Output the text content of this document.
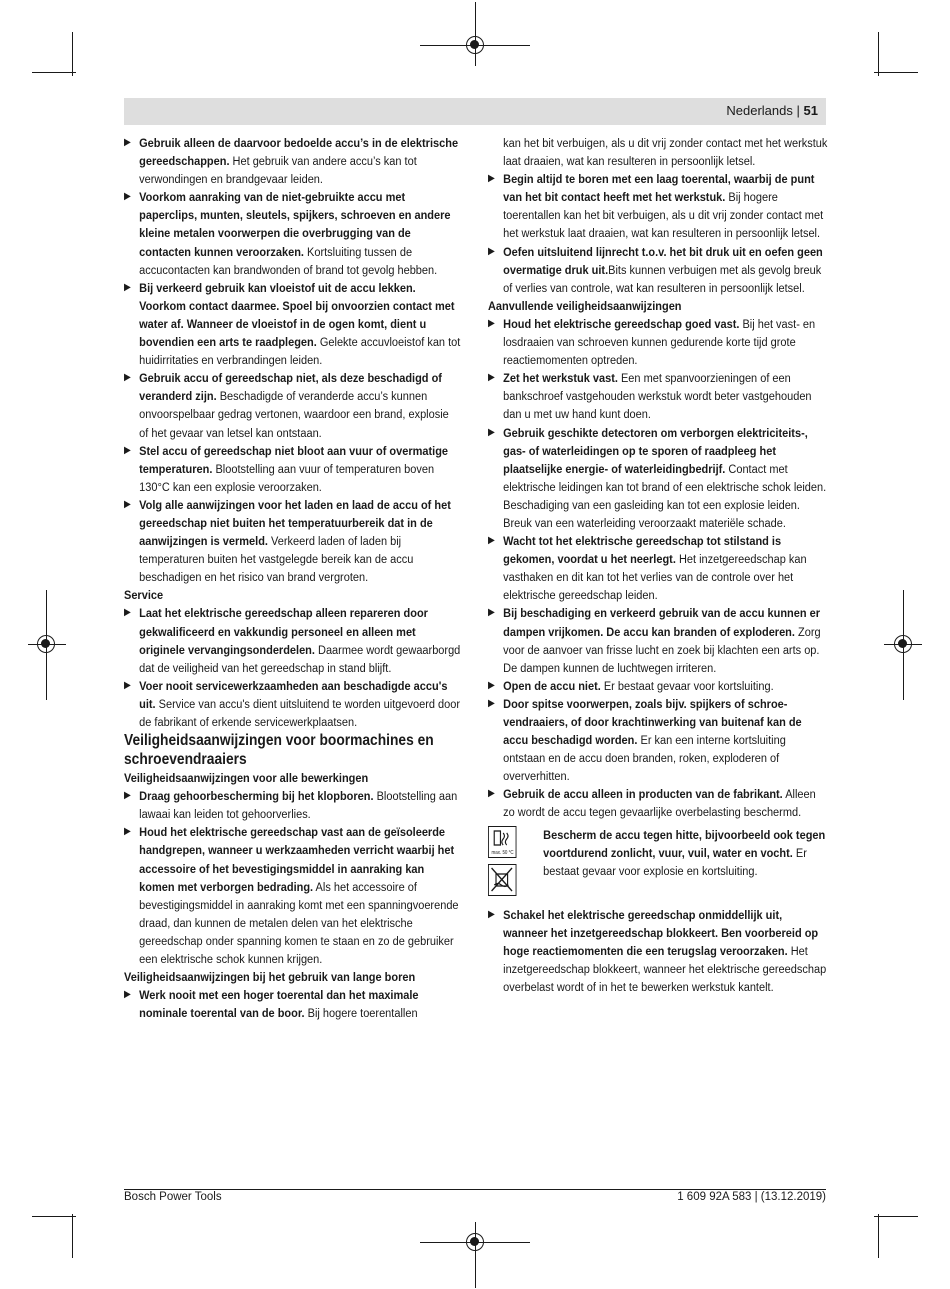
Nederlands | 51

▶ Gebruik alleen de daarvoor bedoelde accu’s in de elektrische gereedschappen. Het gebruik van andere accu’s kan tot verwondingen en brandgevaar leiden.

▶ Voorkom aanraking van de niet-gebruikte accu met paperclips, munten, sleutels, spijkers, schroeven en andere kleine metalen voorwerpen die overbrugging van de contacten kunnen veroorzaken. Kortsluiting tussen de accucontacten kan brandwonden of brand tot gevolg hebben.

▶ Bij verkeerd gebruik kan vloeistof uit de accu lekken. Voorkom contact daarmee. Spoel bij onvoorzien contact met water af. Wanneer de vloeistof in de ogen komt, dient u bovendien een arts te raadplegen. Gelekte accuvloeistof kan tot huidirritaties en verbrandingen leiden.

▶ Gebruik accu of gereedschap niet, als deze beschadigd of veranderd zijn. Beschadigde of veranderde accu’s kunnen onvoorspelbaar gedrag vertonen, waardoor een brand, explosie of het gevaar van letsel kan ontstaan.

▶ Stel accu of gereedschap niet bloot aan vuur of overmatige temperaturen. Blootstelling aan vuur of temperaturen boven 130°C kan een explosie veroorzaken.

▶ Volg alle aanwijzingen voor het laden en laad de accu of het gereedschap niet buiten het temperatuurbereik dat in de aanwijzingen is vermeld. Verkeerd laden of laden bij temperaturen buiten het vastgelegde bereik kan de accu beschadigen en het risico van brand vergroten.

Service

▶ Laat het elektrische gereedschap alleen repareren door gekwalificeerd en vakkundig personeel en alleen met originele vervangingsonderdelen. Daarmee wordt gewaarborgd dat de veiligheid van het gereedschap in stand blijft.

▶ Voer nooit servicewerkzaamheden aan beschadigde accu's uit. Service van accu's dient uitsluitend te worden uitgevoerd door de fabrikant of erkende servicewerkplaatsen.

Veiligheidsaanwijzingen voor boormachines en schroevendraaiers

Veiligheidsaanwijzingen voor alle bewerkingen

▶ Draag gehoorbescherming bij het klopboren. Blootstelling aan lawaai kan leiden tot gehoorverlies.

▶ Houd het elektrische gereedschap vast aan de geïsoleerde handgrepen, wanneer u werkzaamheden verricht waarbij het accessoire of het bevestigingsmiddel in aanraking kan komen met verborgen bedrading. Als het accessoire of bevestigingsmiddel in aanraking komt met een spanningvoerende draad, dan kunnen de metalen delen van het elektrische gereedschap onder spanning komen te staan en zo de gebruiker een elektrische schok kunnen krijgen.

Veiligheidsaanwijzingen bij het gebruik van lange boren

▶ Werk nooit met een hoger toerental dan het maximale nominale toerental van de boor. Bij hogere toerentallen

kan het bit verbuigen, als u dit vrij zonder contact met het werkstuk laat draaien, wat kan resulteren in persoonlijk letsel.

▶ Begin altijd te boren met een laag toerental, waarbij de punt van het bit contact heeft met het werkstuk. Bij hogere toerentallen kan het bit verbuigen, als u dit vrij zonder contact met het werkstuk laat draaien, wat kan resulteren in persoonlijk letsel.

▶ Oefen uitsluitend lijnrecht t.o.v. het bit druk uit en oefen geen overmatige druk uit.Bits kunnen verbuigen met als gevolg breuk of verlies van controle, wat kan resulteren in persoonlijk letsel.

Aanvullende veiligheidsaanwijzingen

▶ Houd het elektrische gereedschap goed vast. Bij het vast- en losdraaien van schroeven kunnen gedurende korte tijd grote reactiemomenten optreden.

▶ Zet het werkstuk vast. Een met spanvoorzieningen of een bankschroef vastgehouden werkstuk wordt beter vastgehouden dan u met uw hand kunt doen.

▶ Gebruik geschikte detectoren om verborgen elektriciteits-, gas- of waterleidingen op te sporen of raadpleeg het plaatselijke energie- of waterleidingbedrijf. Contact met elektrische leidingen kan tot brand of een elektrische schok leiden. Beschadiging van een gasleiding kan tot een explosie leiden. Breuk van een waterleiding veroorzaakt materiële schade.

▶ Wacht tot het elektrische gereedschap tot stilstand is gekomen, voordat u het neerlegt. Het inzetgereedschap kan vasthaken en dit kan tot het verlies van de controle over het elektrische gereedschap leiden.

▶ Bij beschadiging en verkeerd gebruik van de accu kunnen er dampen vrijkomen. De accu kan branden of exploderen. Zorg voor de aanvoer van frisse lucht en zoek bij klachten een arts op. De dampen kunnen de luchtwegen irriteren.

▶ Open de accu niet. Er bestaat gevaar voor kortsluiting.

▶ Door spitse voorwerpen, zoals bijv. spijkers of schroevendraaiers, of door krachtinwerking van buitenaf kan de accu beschadigd worden. Er kan een interne kortsluiting ontstaan en de accu doen branden, roken, exploderen of oververhitten.

▶ Gebruik de accu alleen in producten van de fabrikant. Alleen zo wordt de accu tegen gevaarlijke overbelasting beschermd.

max. 50 °C

Bescherm de accu tegen hitte, bijvoorbeeld ook tegen voortdurend zonlicht, vuur, vuil, water en vocht. Er bestaat gevaar voor explosie en kortsluiting.

▶ Schakel het elektrische gereedschap onmiddellijk uit, wanneer het inzetgereedschap blokkeert. Ben voorbereid op hoge reactiemomenten die een terugslag veroorzaken. Het inzetgereedschap blokkeert, wanneer het elektrische gereedschap overbelast wordt of in het te bewerken werkstuk kantelt.

Bosch Power Tools	1 609 92A 583 | (13.12.2019)
